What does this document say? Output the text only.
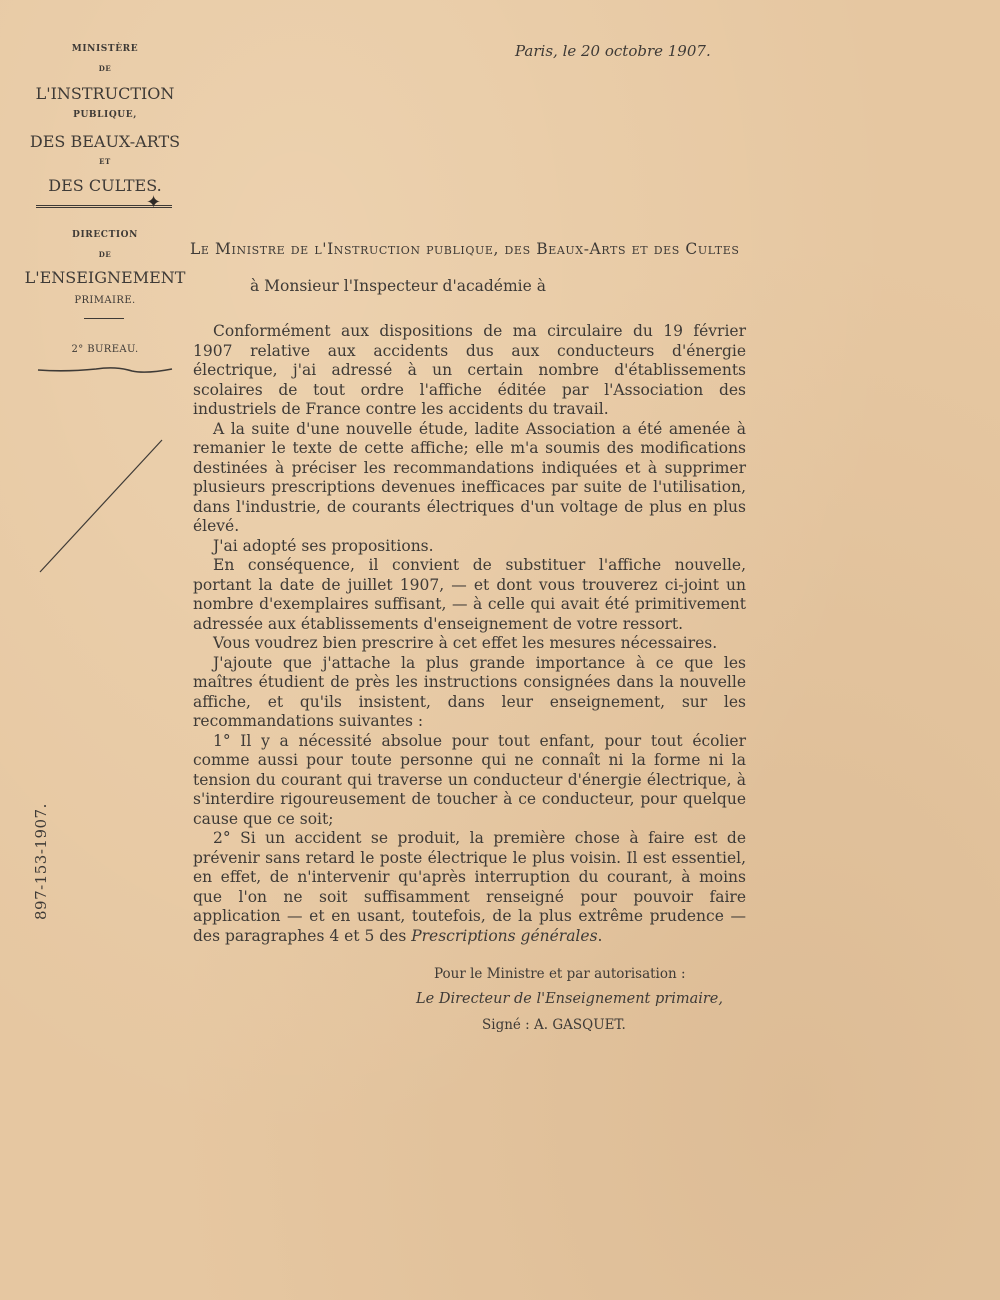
Paris, le 20 octobre 1907.
MINISTÈRE
DE
L'INSTRUCTION
PUBLIQUE,
DES BEAUX-ARTS
ET
DES CULTES.
✦
DIRECTION
DE
L'ENSEIGNEMENT
PRIMAIRE.
2° BUREAU.
897-153-1907.
Le Ministre de l'Instruction publique, des Beaux-Arts et des Cultes
à Monsieur l'Inspecteur d'académie à

Conformément aux dispositions de ma circulaire du 19 février 1907 relative aux accidents dus aux conducteurs d'énergie électrique, j'ai adressé à un certain nombre d'établissements scolaires de tout ordre l'affiche éditée par l'Association des industriels de France contre les accidents du travail.

A la suite d'une nouvelle étude, ladite Association a été amenée à remanier le texte de cette affiche; elle m'a soumis des modifications destinées à préciser les recommandations indiquées et à supprimer plusieurs prescriptions devenues inefficaces par suite de l'utilisation, dans l'industrie, de courants électriques d'un voltage de plus en plus élevé.

J'ai adopté ses propositions.

En conséquence, il convient de substituer l'affiche nouvelle, portant la date de juillet 1907, — et dont vous trouverez ci-joint un nombre d'exemplaires suffisant, — à celle qui avait été primitivement adressée aux établissements d'enseignement de votre ressort.

Vous voudrez bien prescrire à cet effet les mesures nécessaires.

J'ajoute que j'attache la plus grande importance à ce que les maîtres étudient de près les instructions consignées dans la nouvelle affiche, et qu'ils insistent, dans leur enseignement, sur les recommandations suivantes :

1° Il y a nécessité absolue pour tout enfant, pour tout écolier comme aussi pour toute personne qui ne connaît ni la forme ni la tension du courant qui traverse un conducteur d'énergie électrique, à s'interdire rigoureusement de toucher à ce conducteur, pour quelque cause que ce soit;

2° Si un accident se produit, la première chose à faire est de prévenir sans retard le poste électrique le plus voisin. Il est essentiel, en effet, de n'intervenir qu'après interruption du courant, à moins que l'on ne soit suffisamment renseigné pour pouvoir faire application — et en usant, toutefois, de la plus extrême prudence — des paragraphes 4 et 5 des Prescriptions générales.

Pour le Ministre et par autorisation :
Le Directeur de l'Enseignement primaire,
Signé : A. GASQUET.
